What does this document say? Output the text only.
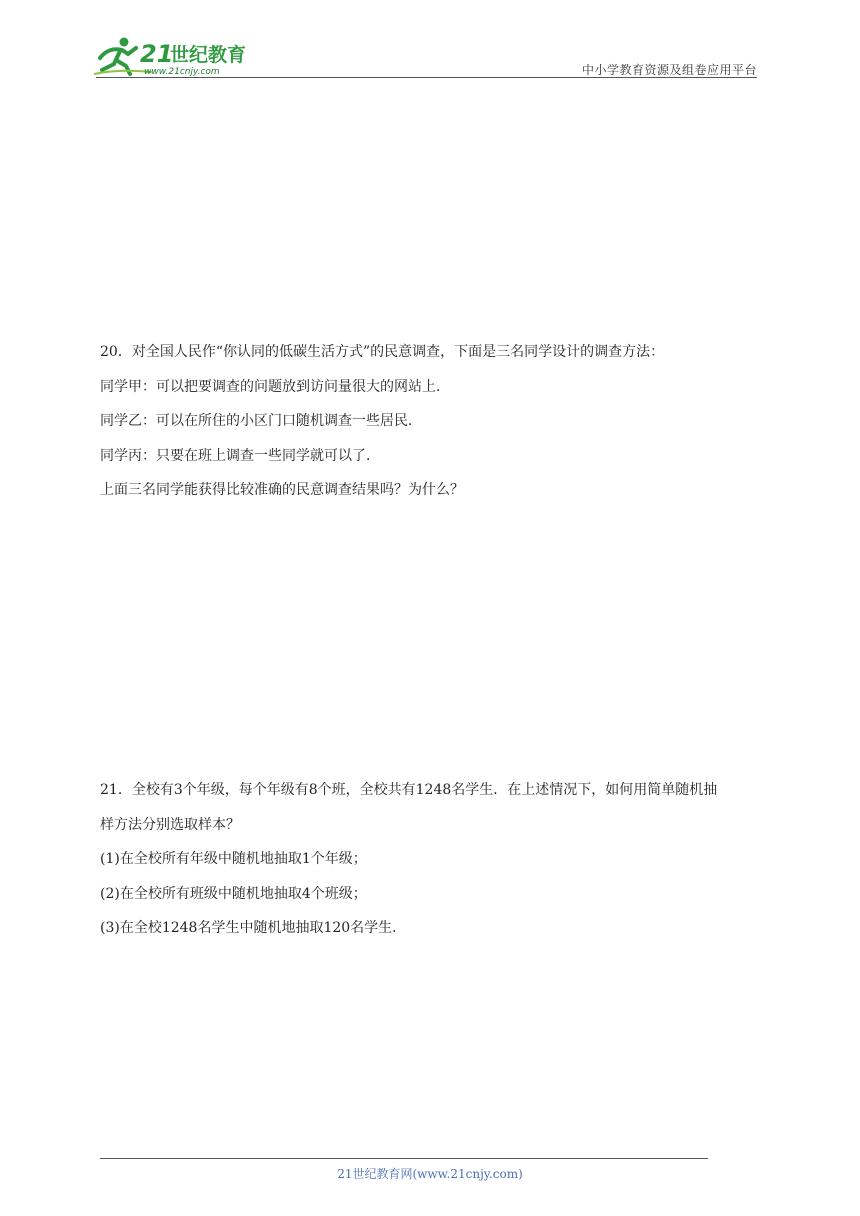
21
世纪教育
www.21cnjy.com	中小学教育资源及组卷应用平台
20．对全国人民作“你认同的低碳生活方式”的民意调查，下面是三名同学设计的调查方法：
同学甲：可以把要调查的问题放到访问量很大的网站上．
同学乙：可以在所住的小区门口随机调查一些居民．
同学丙：只要在班上调查一些同学就可以了．
上面三名同学能获得比较准确的民意调查结果吗？为什么？
21．全校有3个年级，每个年级有8个班，全校共有1248名学生．在上述情况下，如何用简单随机抽
样方法分别选取样本？
(1)在全校所有年级中随机地抽取1个年级；
(2)在全校所有班级中随机地抽取4个班级；
(3)在全校1248名学生中随机地抽取120名学生．
21世纪教育网(www.21cnjy.com)
